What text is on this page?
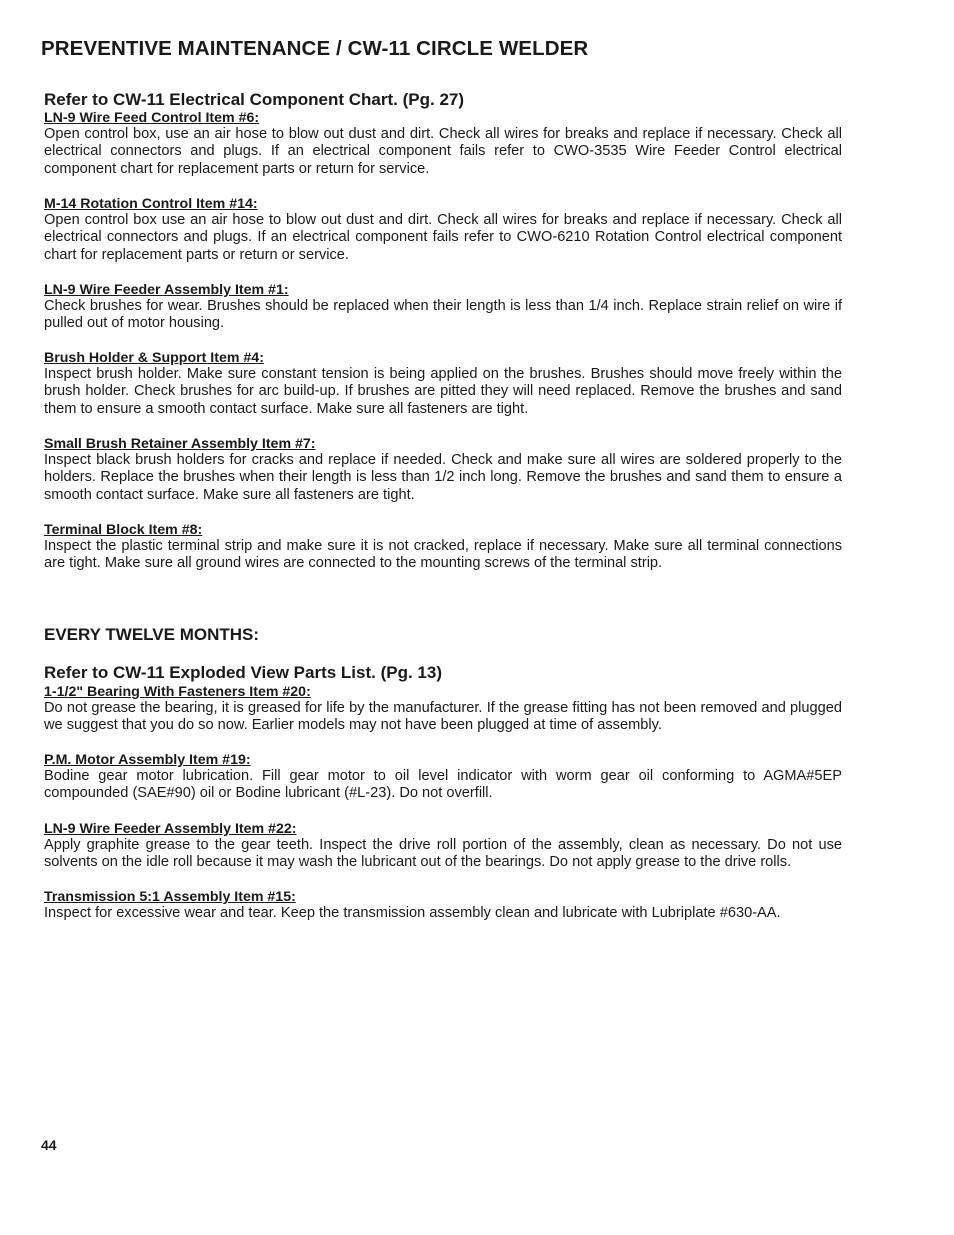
PREVENTIVE MAINTENANCE / CW-11 CIRCLE WELDER

Refer to CW-11 Electrical Component Chart. (Pg. 27)

LN-9 Wire Feed Control Item #6:

Open control box, use an air hose to blow out dust and dirt. Check all wires for breaks and replace if necessary. Check all electrical connectors and plugs. If an electrical component fails refer to CWO-3535 Wire Feeder Control electrical component chart for replacement parts or return for service.

M-14 Rotation Control Item #14:

Open control box use an air hose to blow out dust and dirt. Check all wires for breaks and replace if necessary. Check all electrical connectors and plugs. If an electrical component fails refer to CWO-6210 Rotation Control electrical component chart for replacement parts or return or service.

LN-9 Wire Feeder Assembly Item #1:

Check brushes for wear. Brushes should be replaced when their length is less than 1/4 inch. Replace strain relief on wire if pulled out of motor housing.

Brush Holder & Support Item #4:

Inspect brush holder. Make sure constant tension is being applied on the brushes. Brushes should move freely within the brush holder. Check brushes for arc build-up. If brushes are pitted they will need replaced. Remove the brushes and sand them to ensure a smooth contact surface. Make sure all fasteners are tight.

Small Brush Retainer Assembly Item #7:

Inspect black brush holders for cracks and replace if needed. Check and make sure all wires are soldered properly to the holders. Replace the brushes when their length is less than 1/2 inch long. Remove the brushes and sand them to ensure a smooth contact surface. Make sure all fasteners are tight.

Terminal Block Item #8:

Inspect the plastic terminal strip and make sure it is not cracked, replace if necessary. Make sure all terminal connections are tight. Make sure all ground wires are connected to the mounting screws of the terminal strip.

EVERY TWELVE MONTHS:

Refer to CW-11 Exploded View Parts List. (Pg. 13)

1-1/2" Bearing With Fasteners Item #20:

Do not grease the bearing, it is greased for life by the manufacturer. If the grease fitting has not been removed and plugged we suggest that you do so now. Earlier models may not have been plugged at time of assembly.

P.M. Motor Assembly Item #19:

Bodine gear motor lubrication. Fill gear motor to oil level indicator with worm gear oil conforming to AGMA#5EP compounded (SAE#90) oil or Bodine lubricant (#L-23). Do not overfill.

LN-9 Wire Feeder Assembly Item #22:

Apply graphite grease to the gear teeth. Inspect the drive roll portion of the assembly, clean as necessary. Do not use solvents on the idle roll because it may wash the lubricant out of the bearings. Do not apply grease to the drive rolls.

Transmission 5:1 Assembly Item #15:

Inspect for excessive wear and tear. Keep the transmission assembly clean and lubricate with Lubriplate #630-AA.

44
